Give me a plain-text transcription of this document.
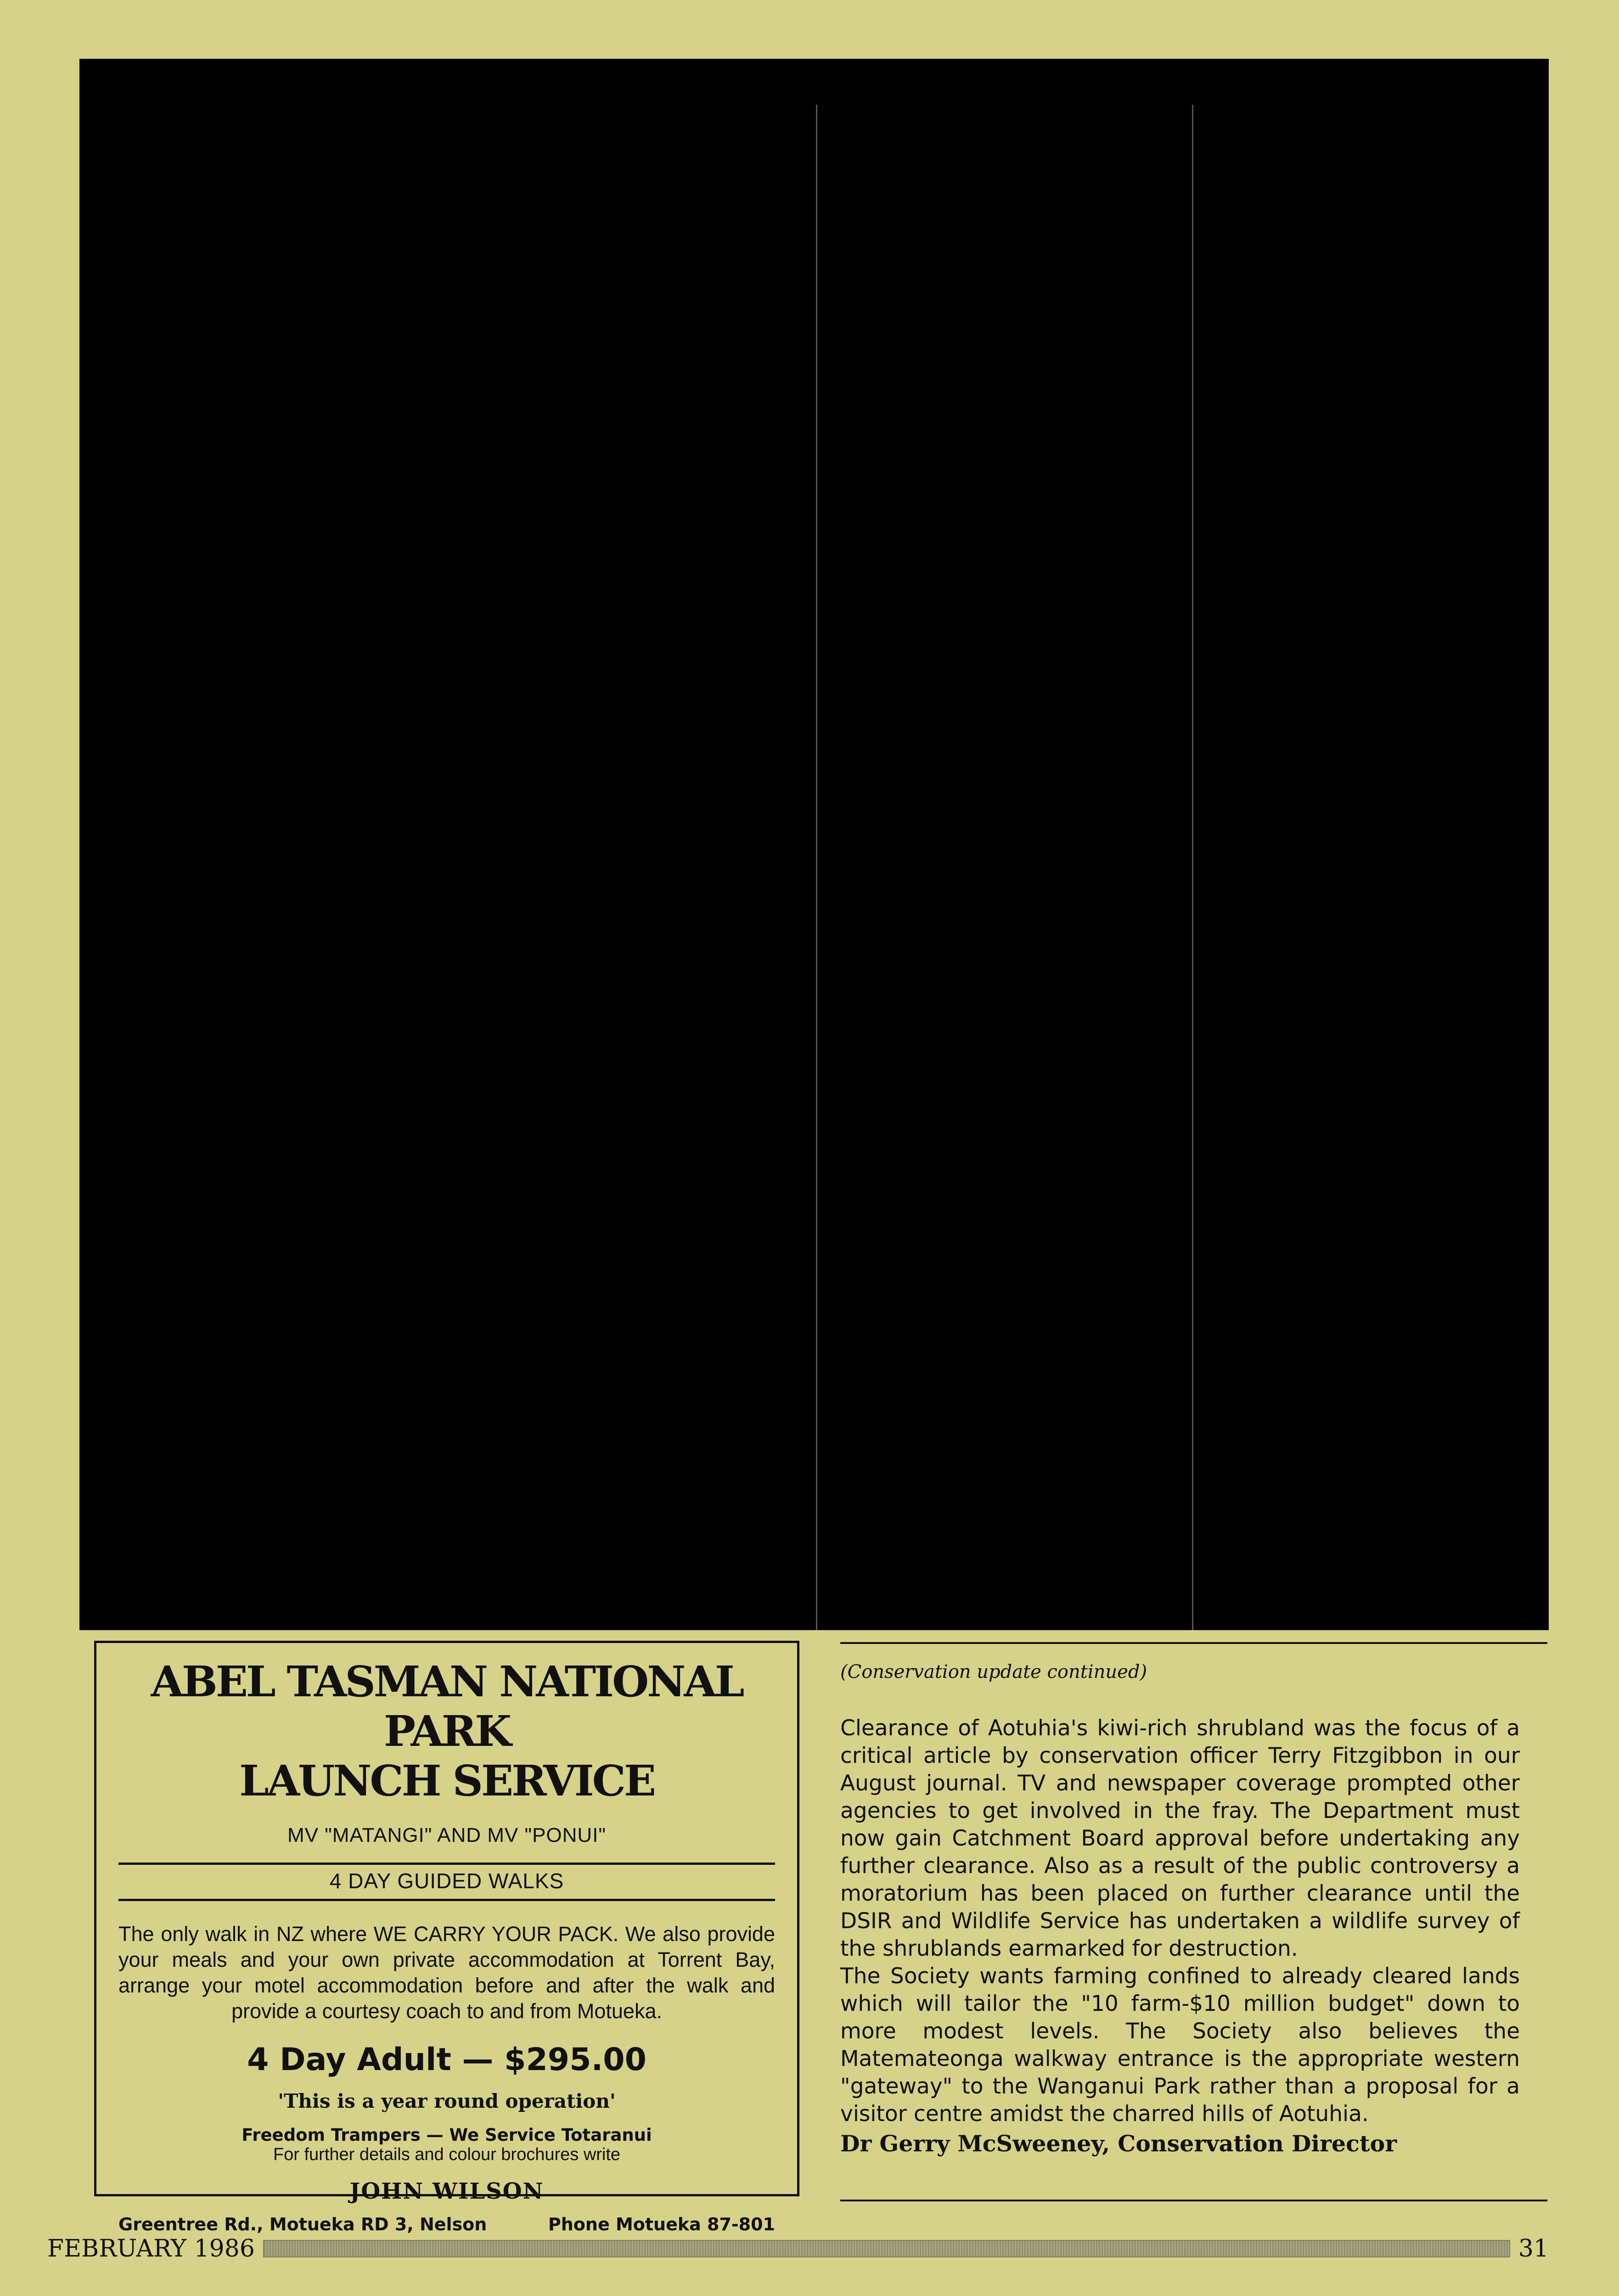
ABEL TASMAN NATIONAL PARK
LAUNCH SERVICE
MV "MATANGI" AND MV "PONUI"
4 DAY GUIDED WALKS
The only walk in NZ where WE CARRY YOUR PACK. We also provide your meals and your own private accommodation at Torrent Bay, arrange your motel accommodation before and after the walk and provide a courtesy coach to and from Motueka.
4 Day Adult — $295.00
'This is a year round operation'
Freedom Trampers — We Service Totaranui
For further details and colour brochures write
JOHN WILSON
Greentree Rd., Motueka RD 3, Nelson	Phone Motueka 87-801
(Conservation update continued)

Clearance of Aotuhia's kiwi-rich shrubland was the focus of a critical article by conservation officer Terry Fitzgibbon in our August journal. TV and newspaper coverage prompted other agencies to get involved in the fray. The Department must now gain Catchment Board approval before undertaking any further clearance. Also as a result of the public controversy a moratorium has been placed on further clearance until the DSIR and Wildlife Service has undertaken a wildlife survey of the shrublands earmarked for destruction.

The Society wants farming confined to already cleared lands which will tailor the "10 farm-$10 million budget" down to more modest levels. The Society also believes the Matemateonga walkway entrance is the appropriate western "gateway" to the Wanganui Park rather than a proposal for a visitor centre amidst the charred hills of Aotuhia.

Dr Gerry McSweeney, Conservation Director
FEBRUARY 1986	31
